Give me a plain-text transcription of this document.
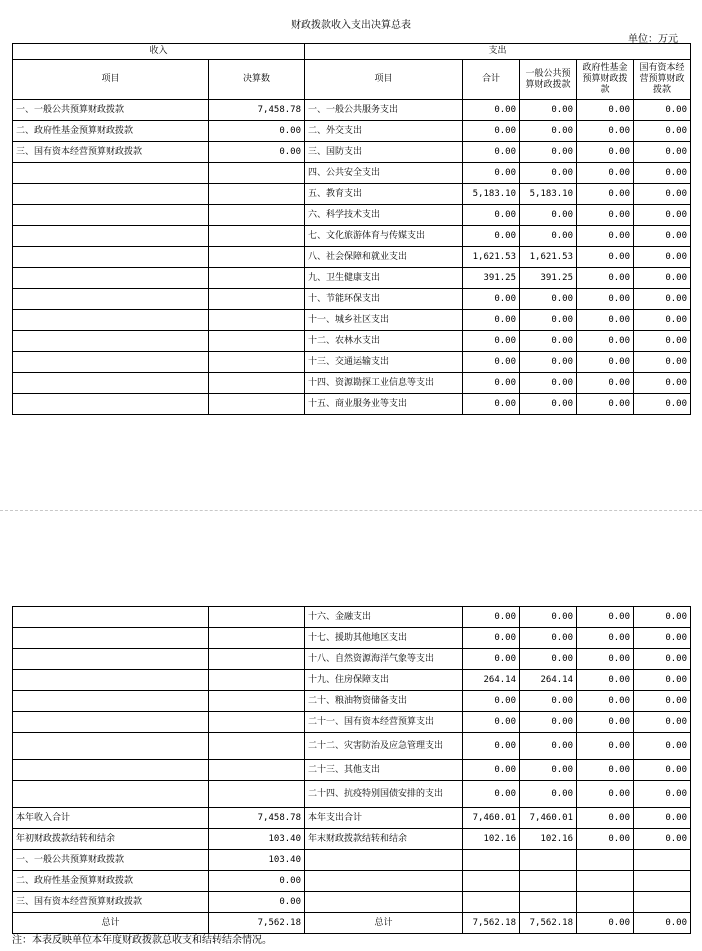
财政拨款收入支出决算总表
单位：万元
收入		支出				
项目	决算数	项目	合计	一般公共预算财政拨款	政府性基金预算财政拨款	国有资本经营预算财政拨款
一、一般公共预算财政拨款	7,458.78	一、一般公共服务支出	0.00	0.00	0.00	0.00
二、政府性基金预算财政拨款	0.00	二、外交支出	0.00	0.00	0.00	0.00
三、国有资本经营预算财政拨款	0.00	三、国防支出	0.00	0.00	0.00	0.00
		四、公共安全支出	0.00	0.00	0.00	0.00
		五、教育支出	5,183.10	5,183.10	0.00	0.00
		六、科学技术支出	0.00	0.00	0.00	0.00
		七、文化旅游体育与传媒支出	0.00	0.00	0.00	0.00
		八、社会保障和就业支出	1,621.53	1,621.53	0.00	0.00
		九、卫生健康支出	391.25	391.25	0.00	0.00
		十、节能环保支出	0.00	0.00	0.00	0.00
		十一、城乡社区支出	0.00	0.00	0.00	0.00
		十二、农林水支出	0.00	0.00	0.00	0.00
		十三、交通运输支出	0.00	0.00	0.00	0.00
		十四、资源勘探工业信息等支出	0.00	0.00	0.00	0.00
		十五、商业服务业等支出	0.00	0.00	0.00	0.00
		十六、金融支出	0.00	0.00	0.00	0.00
		十七、援助其他地区支出	0.00	0.00	0.00	0.00
		十八、自然资源海洋气象等支出	0.00	0.00	0.00	0.00
		十九、住房保障支出	264.14	264.14	0.00	0.00
		二十、粮油物资储备支出	0.00	0.00	0.00	0.00
		二十一、国有资本经营预算支出	0.00	0.00	0.00	0.00
		二十二、灾害防治及应急管理支出	0.00	0.00	0.00	0.00
		二十三、其他支出	0.00	0.00	0.00	0.00
		二十四、抗疫特别国债安排的支出	0.00	0.00	0.00	0.00
本年收入合计	7,458.78	本年支出合计	7,460.01	7,460.01	0.00	0.00
年初财政拨款结转和结余	103.40	年末财政拨款结转和结余	102.16	102.16	0.00	0.00
一、一般公共预算财政拨款	103.40					
二、政府性基金预算财政拨款	0.00					
三、国有资本经营预算财政拨款	0.00					
总计	7,562.18	总计	7,562.18	7,562.18	0.00	0.00
注：本表反映单位本年度财政拨款总收支和结转结余情况。
